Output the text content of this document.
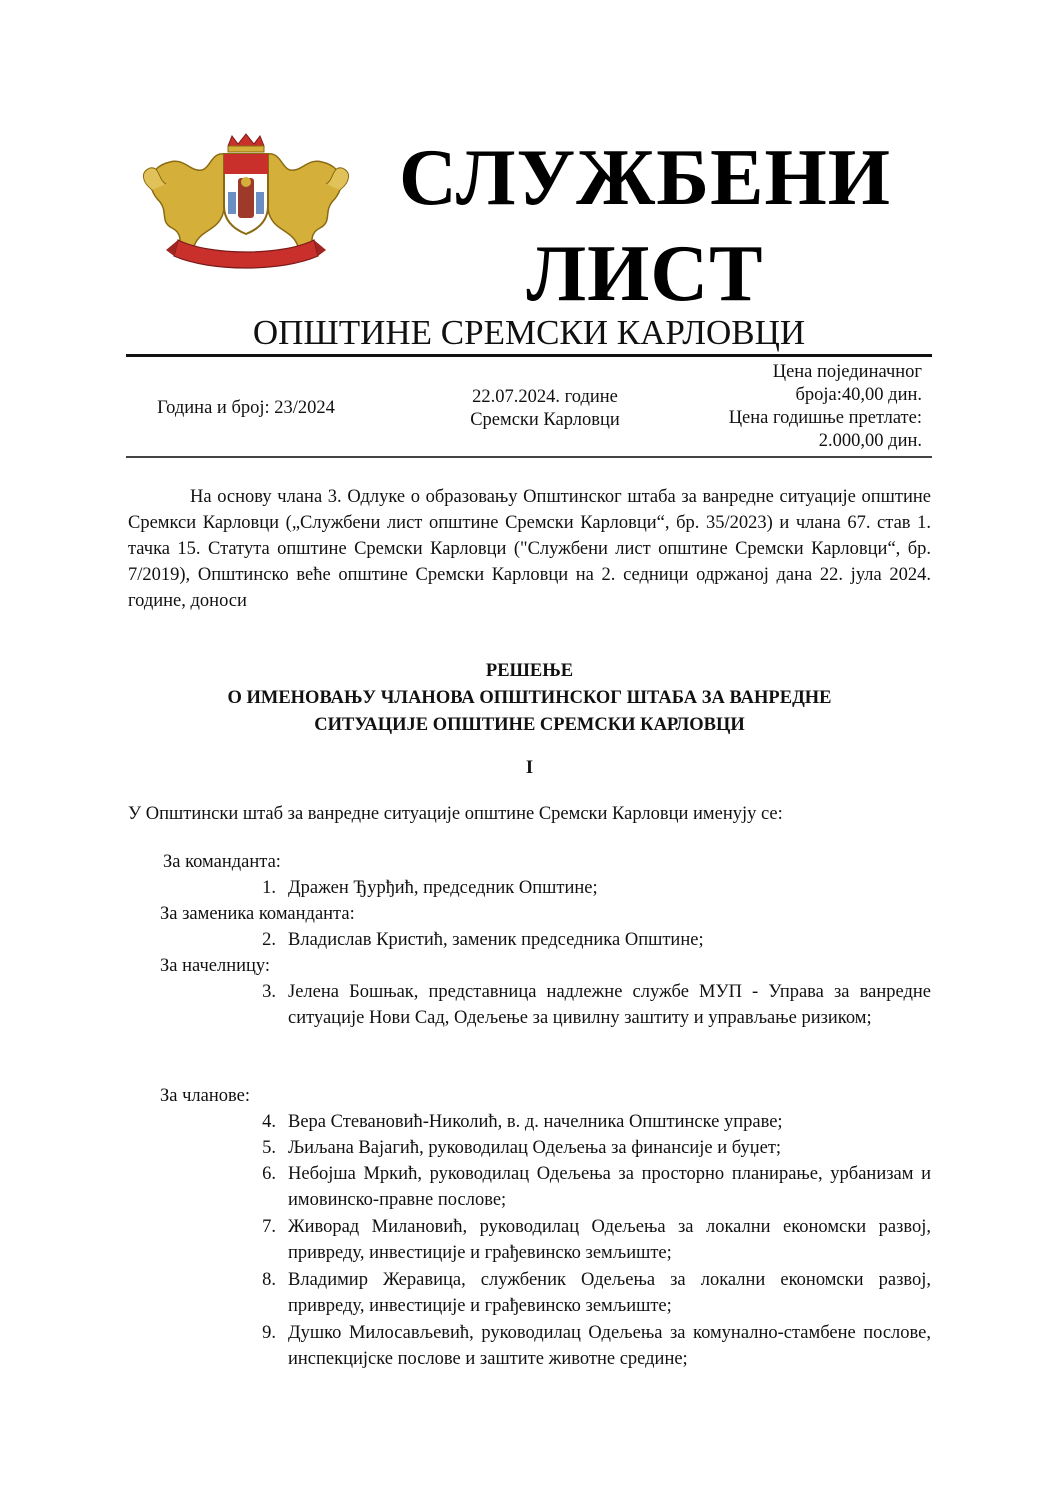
СЛУЖБЕНИ
ЛИСТ
ОПШТИНЕ СРЕМСКИ КАРЛОВЦИ
Година и број: 23/2024
22.07.2024. године
Сремски Карловци
Цена појединачног
броја:40,00 дин.
Цена годишње претлате:
2.000,00 дин.
На основу члана 3. Одлуке о образовању Општинског штаба за ванредне ситуације општине Сремкси Карловци („Службени лист општине Сремски Карловци“, бр. 35/2023) и члана 67. став 1. тачка 15. Статута општине Сремски Карловци ("Службени лист општине Сремски Карловци“, бр. 7/2019), Општинско веће општине Сремски Карловци на 2. седници одржаној дана 22. јула 2024. године, доноси
РЕШЕЊЕ
О ИМЕНОВАЊУ ЧЛАНОВА ОПШТИНСКОГ ШТАБА ЗА ВАНРЕДНЕ
СИТУАЦИЈЕ ОПШТИНЕ СРЕМСКИ КАРЛОВЦИ
I
У Општински штаб за ванредне ситуације општине Сремски Карловци именују се:
За команданта:
1. Дражен Ђурђић, председник Општине;
За заменика команданта:
2. Владислав Кристић, заменик председника Општине;
За начелницу:
3. Јелена Бошњак, представница надлежне службе МУП - Управа за ванредне ситуације Нови Сад, Одељење за цивилну заштиту и управљање ризиком;
За чланове:
4. Вера Стевановић-Николић, в. д. начелника Општинске управе;
5. Љиљана Вајагић, руководилац Одељења за финансије и буџет;
6. Небојша Мркић, руководилац Одељења за просторно планирање, урбанизам и имовинско-правне послове;
7. Живорад Милановић, руководилац Одељења за локални економски развој, привреду, инвестиције и грађевинско земљиште;
8. Владимир Жеравица, службеник Одељења за локални економски развој, привреду, инвестиције и грађевинско земљиште;
9. Душко Милосављевић, руководилац Одељења за комунално-стамбене послове, инспекцијске послове и заштите животне средине;
